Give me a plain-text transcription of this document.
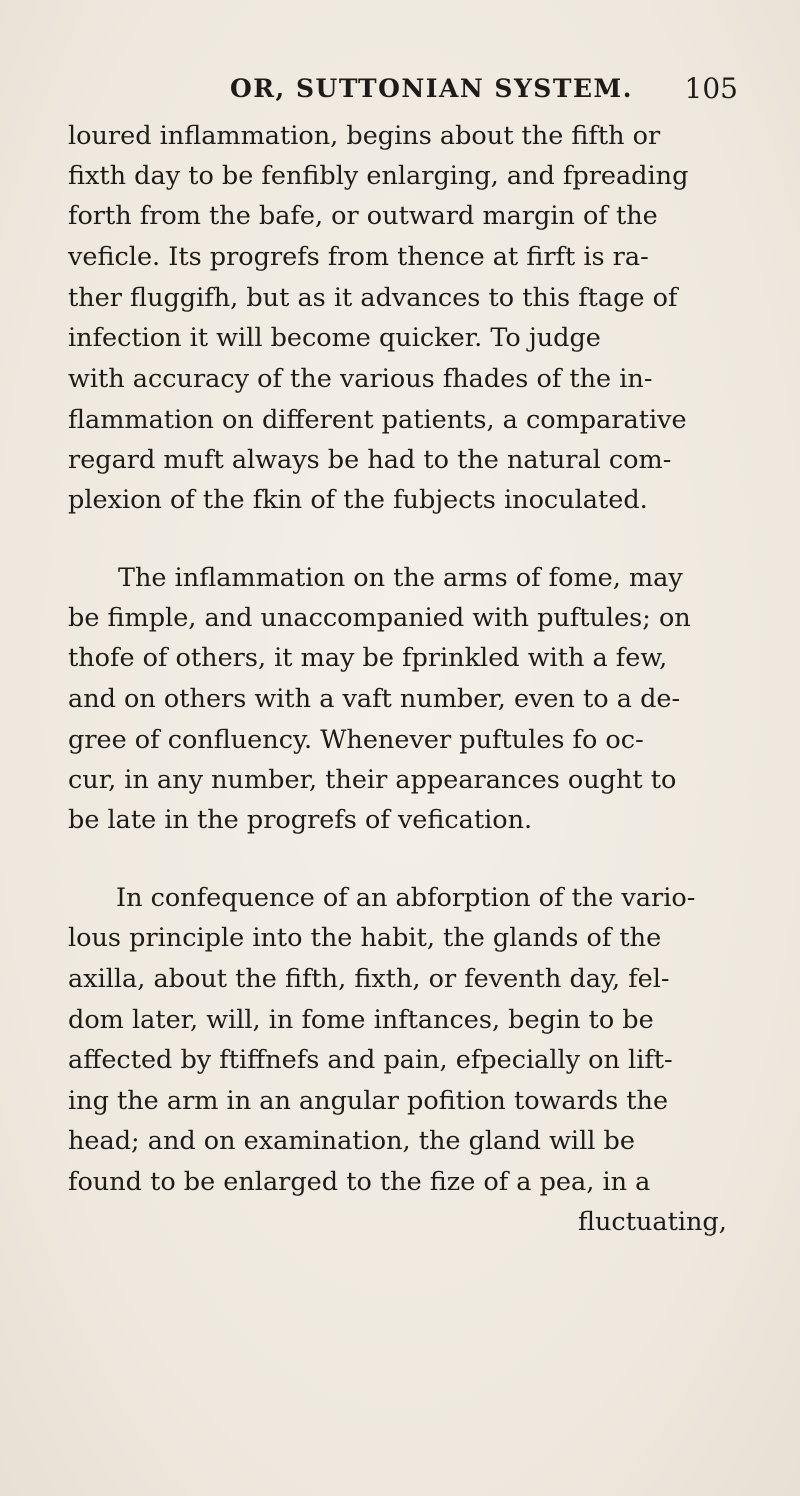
OR, SUTTONIAN SYSTEM. 105
loured inflammation, begins about the fifth or
fixth day to be fenfibly enlarging, and fpreading
forth from the bafe, or outward margin of the
veficle. Its progrefs from thence at firft is ra-
ther fluggifh, but as it advances to this ftage of
infection it will become quicker. To judge
with accuracy of the various fhades of the in-
flammation on different patients, a comparative
regard muft always be had to the natural com-
plexion of the fkin of the fubjects inoculated.
The inflammation on the arms of fome, may
be fimple, and unaccompanied with puftules; on
thofe of others, it may be fprinkled with a few,
and on others with a vaft number, even to a de-
gree of confluency. Whenever puftules fo oc-
cur, in any number, their appearances ought to
be late in the progrefs of vefication.
In confequence of an abforption of the vario-
lous principle into the habit, the glands of the
axilla, about the fifth, fixth, or feventh day, fel-
dom later, will, in fome inftances, begin to be
affected by ftiffnefs and pain, efpecially on lift-
ing the arm in an angular pofition towards the
head; and on examination, the gland will be
found to be enlarged to the fize of a pea, in a
fluctuating,
